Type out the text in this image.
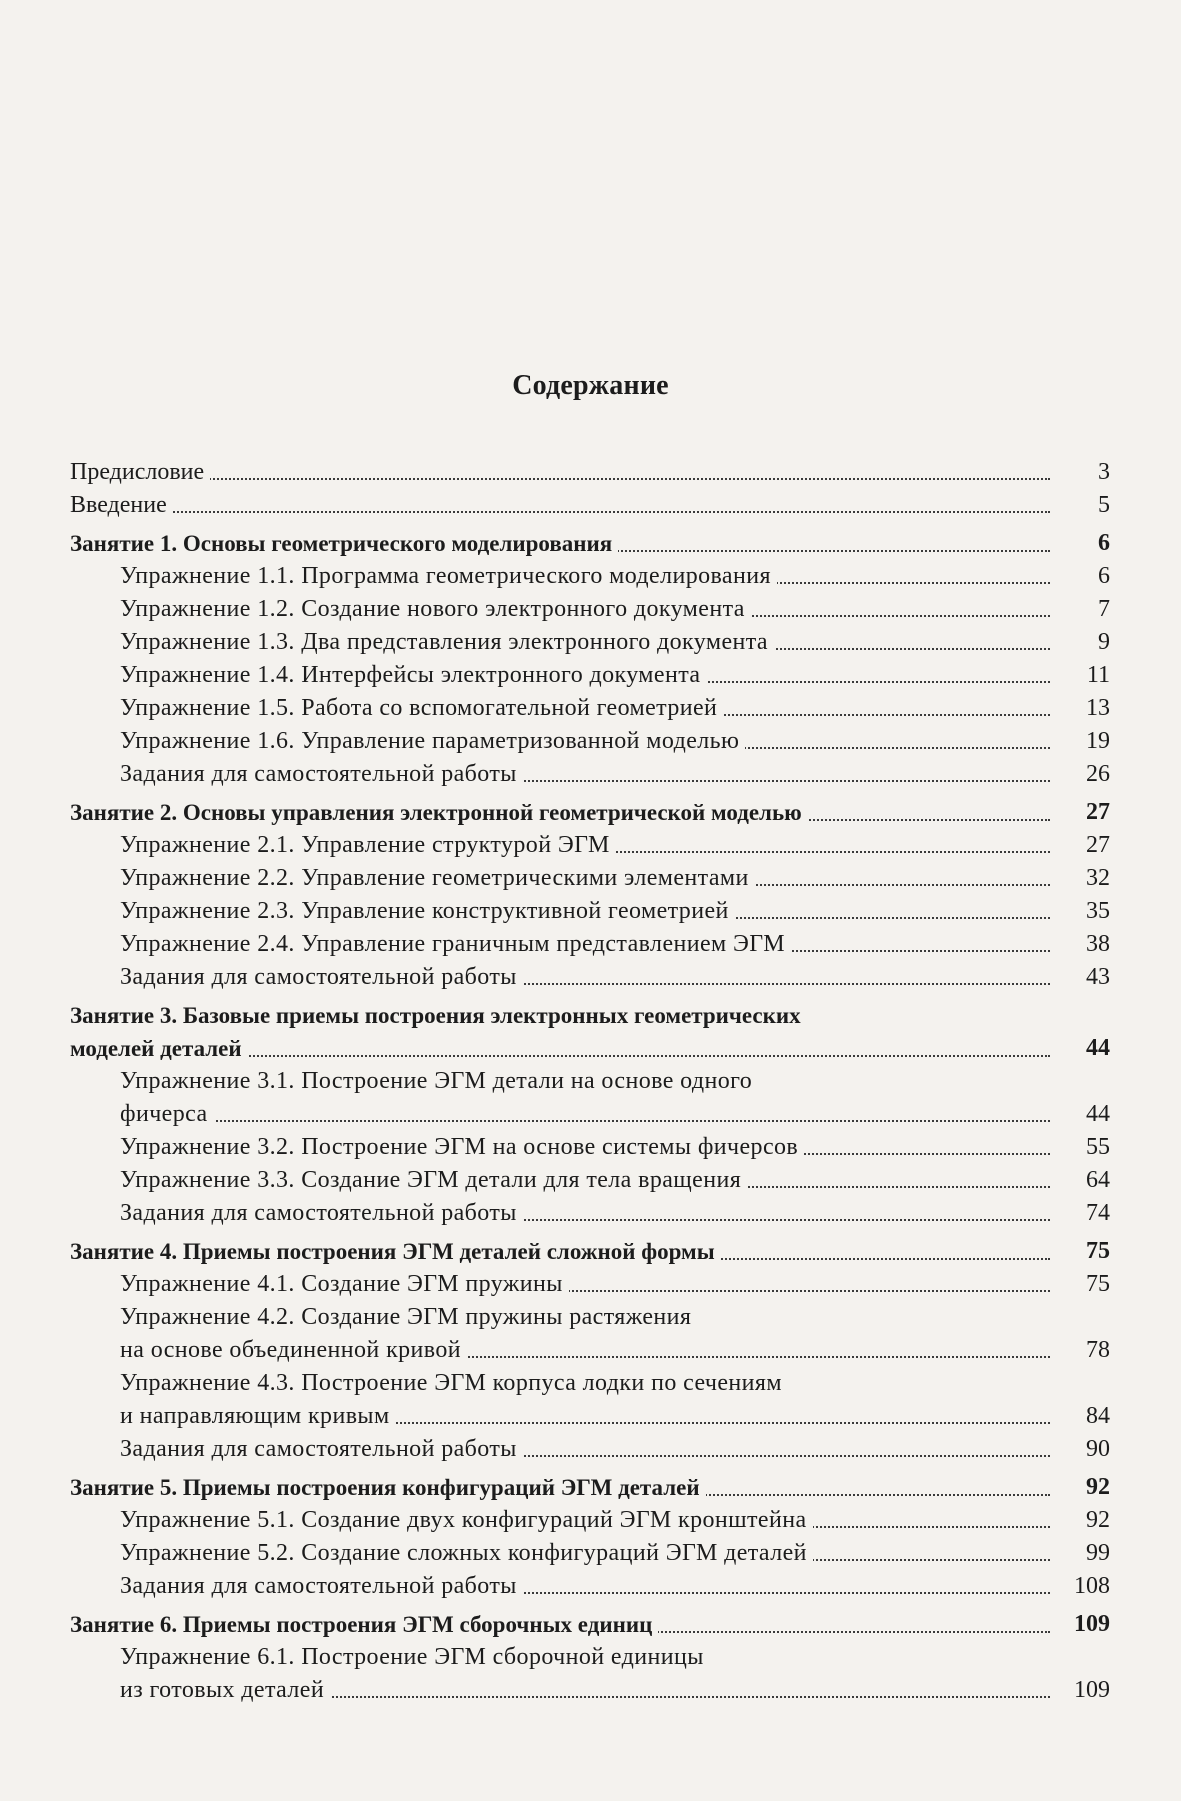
Содержание
Предисловие	3
Введение	5
Занятие 1. Основы геометрического моделирования	6
Упражнение 1.1. Программа геометрического моделирования	6
Упражнение 1.2. Создание нового электронного документа	7
Упражнение 1.3. Два представления электронного документа	9
Упражнение 1.4. Интерфейсы электронного документа	11
Упражнение 1.5. Работа со вспомогательной геометрией	13
Упражнение 1.6. Управление параметризованной моделью	19
Задания для самостоятельной работы	26
Занятие 2. Основы управления электронной геометрической моделью	27
Упражнение 2.1. Управление структурой ЭГМ	27
Упражнение 2.2. Управление геометрическими элементами	32
Упражнение 2.3. Управление конструктивной геометрией	35
Упражнение 2.4. Управление граничным представлением ЭГМ	38
Задания для самостоятельной работы	43
Занятие 3. Базовые приемы построения электронных геометрических
моделей деталей	44
Упражнение 3.1. Построение ЭГМ детали на основе одного
фичерса	44
Упражнение 3.2. Построение ЭГМ на основе системы фичерсов	55
Упражнение 3.3. Создание ЭГМ детали для тела вращения	64
Задания для самостоятельной работы	74
Занятие 4. Приемы построения ЭГМ деталей сложной формы	75
Упражнение 4.1. Создание ЭГМ пружины	75
Упражнение 4.2. Создание ЭГМ пружины растяжения
на основе объединенной кривой	78
Упражнение 4.3. Построение ЭГМ корпуса лодки по сечениям
и направляющим кривым	84
Задания для самостоятельной работы	90
Занятие 5. Приемы построения конфигураций ЭГМ деталей	92
Упражнение 5.1. Создание двух конфигураций ЭГМ кронштейна	92
Упражнение 5.2. Создание сложных конфигураций ЭГМ деталей	99
Задания для самостоятельной работы	108
Занятие 6. Приемы построения ЭГМ сборочных единиц	109
Упражнение 6.1. Построение ЭГМ сборочной единицы
из готовых деталей	109
